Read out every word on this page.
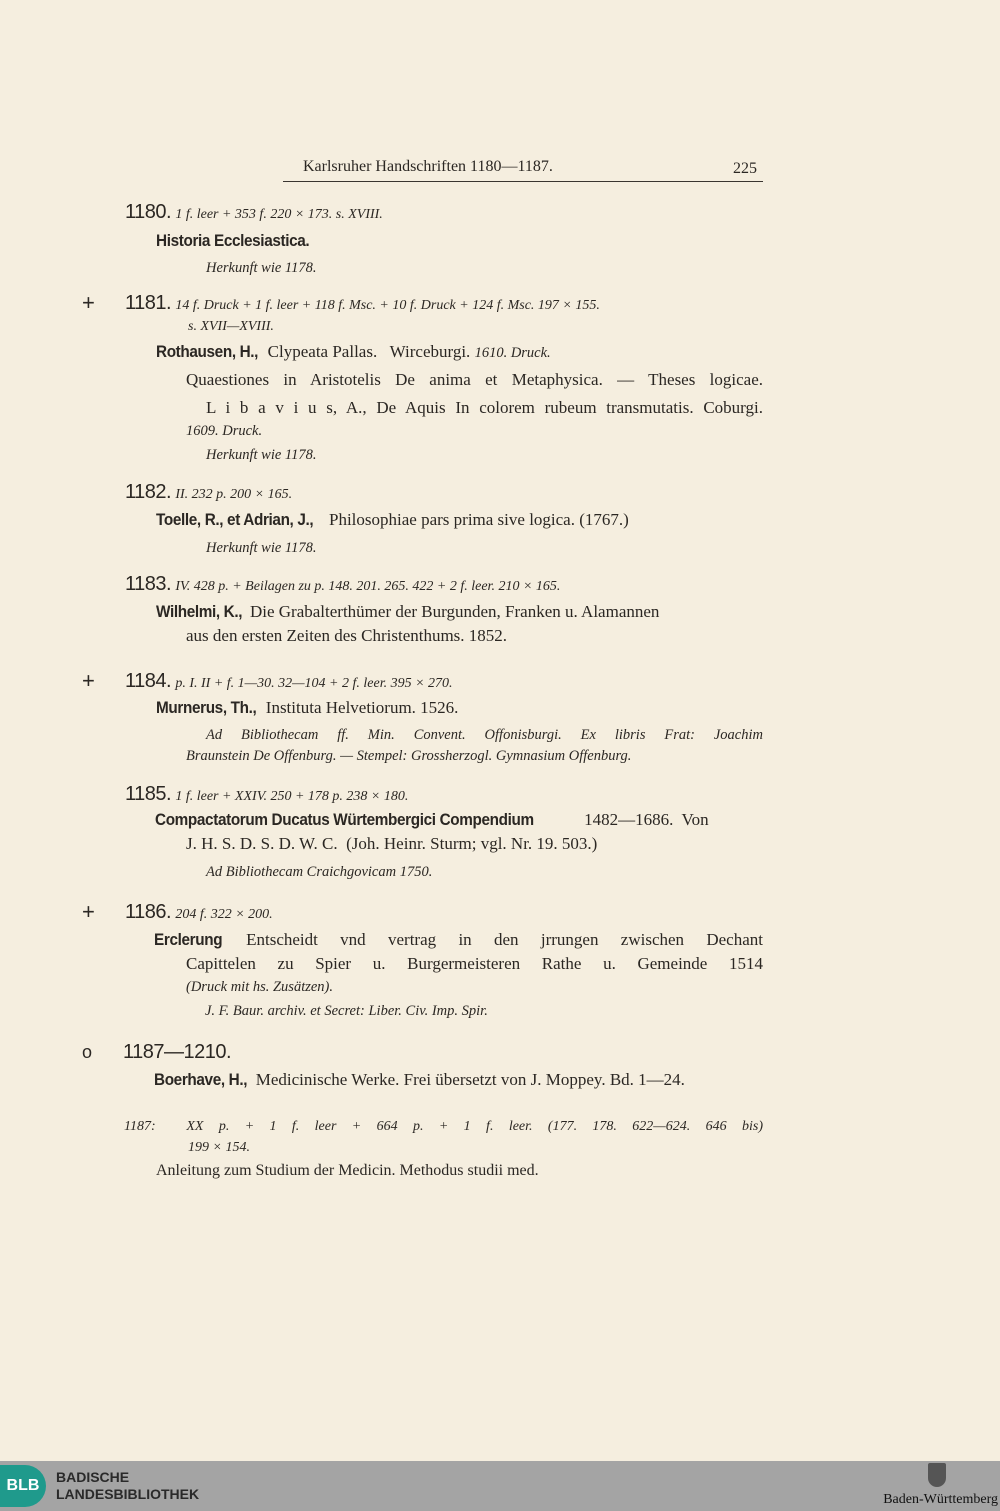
Karlsruher Handschriften 1180—1187.	225
1180. 1 f. leer + 353 f. 220 × 173. s. XVIII.
Historia Ecclesiastica.
Herkunft wie 1178.
+ 1181. 14 f. Druck + 1 f. leer + 118 f. Msc. + 10 f. Druck + 124 f. Msc. 197 × 155.
s. XVII—XVIII.
Rothausen, H., Clypeata Pallas.   Wirceburgi. 1610. Druck.
Quaestiones in Aristotelis De anima et Metaphysica. — Theses logicae.
L i b a v i u s, A., De Aquis In colorem rubeum transmutatis. Coburgi.
1609. Druck.
Herkunft wie 1178.
1182. II. 232 p. 200 × 165.
Toelle, R., et Adrian, J., Philosophiae pars prima sive logica. (1767.)
Herkunft wie 1178.
1183. IV. 428 p. + Beilagen zu p. 148. 201. 265. 422 + 2 f. leer. 210 × 165.
Wilhelmi, K., Die Grabalterthümer der Burgunden, Franken u. Alamannen
aus den ersten Zeiten des Christenthums. 1852.
+ 1184. p. I. II + f. 1—30. 32—104 + 2 f. leer. 395 × 270.
Murnerus, Th., Instituta Helvetiorum. 1526.
Ad Bibliothecam ff. Min. Convent. Offonisburgi. Ex libris Frat: Joachim
Braunstein De Offenburg. — Stempel: Grossherzogl. Gymnasium Offenburg.
1185. 1 f. leer + XXIV. 250 + 178 p. 238 × 180.
Compactatorum Ducatus Würtembergici Compendium	1482—1686.  Von
J. H. S. D. S. D. W. C.  (Joh. Heinr. Sturm; vgl. Nr. 19. 503.)
Ad Bibliothecam Craichgovicam 1750.
+ 1186. 204 f. 322 × 200.
Erclerung Entscheidt vnd vertrag in den jrrungen zwischen Dechant
Capittelen zu Spier u. Burgermeisteren Rathe u. Gemeinde 1514
(Druck mit hs. Zusätzen).
J. F. Baur. archiv. et Secret: Liber. Civ. Imp. Spir.
o 1187—1210.
Boerhave, H., Medicinische Werke. Frei übersetzt von J. Moppey. Bd. 1—24.
1187:  XX p. + 1 f. leer + 664 p. + 1 f. leer. (177. 178. 622—624. 646 bis)
199 × 154.
Anleitung zum Studium der Medicin. Methodus studii med.
BLB	BADISCHE
LANDESBIBLIOTHEK	Baden-Württemberg
